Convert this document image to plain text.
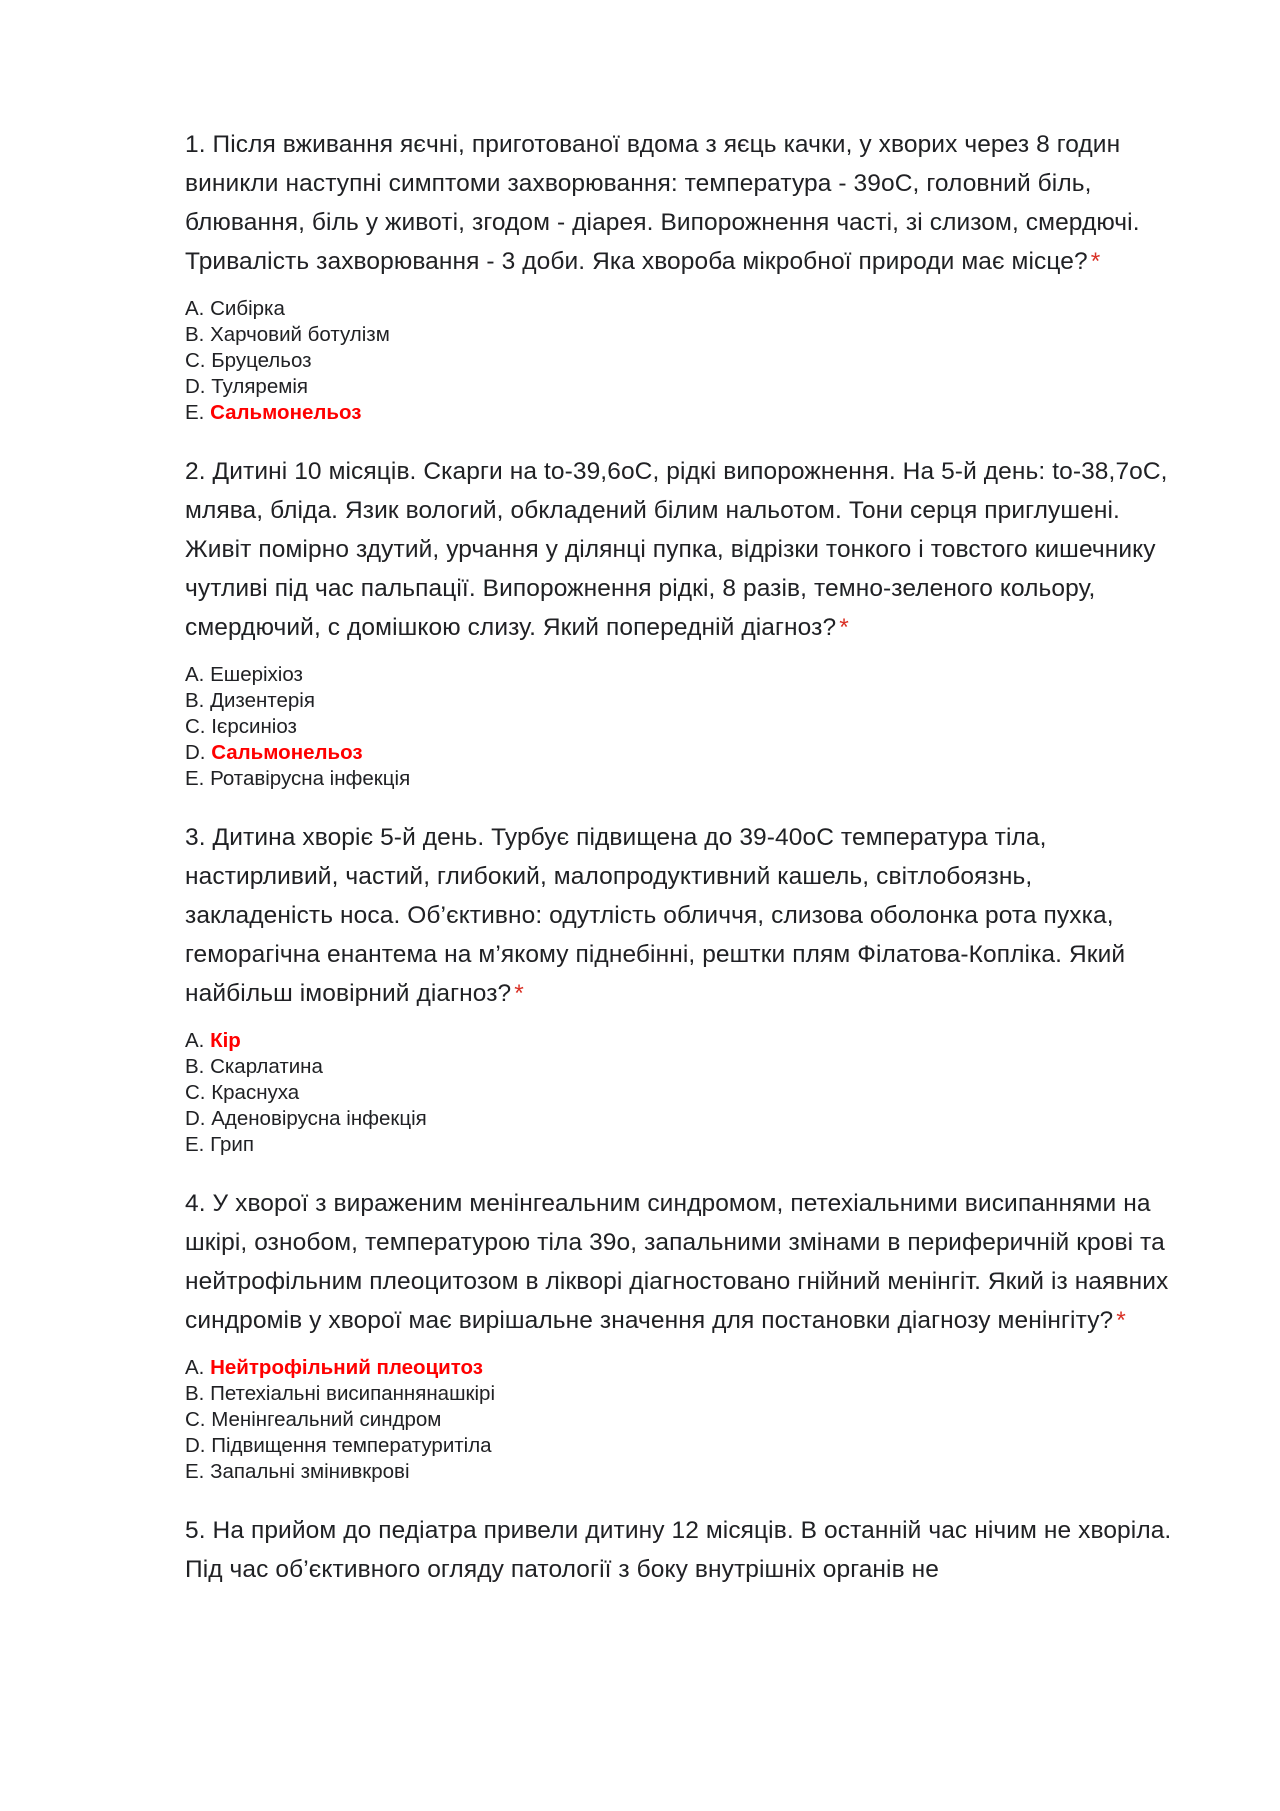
1. Після вживання яєчні, приготованої вдома з яєць качки, у хворих через 8 годин виникли наступні симптоми захворювання: температура - 39оС, головний біль, блювання, біль у животі, згодом - діарея. Випорожнення часті, зі слизом, смердючі. Тривалість захворювання - 3 доби. Яка хвороба мікробної природи має місце? *

A. Сибірка
B. Харчовий ботулізм
C. Бруцельоз
D. Туляремія
E. Сальмонельоз

2. Дитині 10 місяців. Скарги на to-39,6оС, рідкі випорожнення. На 5-й день: to-38,7оС, млява, бліда. Язик вологий, обкладений білим нальотом. Тони серця приглушені. Живіт помірно здутий, урчання у ділянці пупка, відрізки тонкого і товстого кишечнику чутливі під час пальпації. Випорожнення рідкі, 8 разів, темно-зеленого кольору, смердючий, с домішкою слизу. Який попередній діагноз? *

A. Ешеріхіоз
B. Дизентерія
C. Ієрсиніоз
D. Сальмонельоз
E. Ротавірусна інфекція

3. Дитина хворіє 5-й день. Турбує підвищена до 39-40оС температура тіла, настирливий, частий, глибокий, малопродуктивний кашель, світлобоязнь, закладеність носа. Об’єктивно: одутлість обличчя, слизова оболонка рота пухка, геморагічна енантема на м’якому піднебінні, рештки плям Філатова-Копліка. Який найбільш імовірний діагноз? *

A. Кір
B. Скарлатина
C. Краснуха
D. Аденовірусна інфекція
E. Грип

4. У хворої з вираженим менінгеальним синдромом, петехіальними висипаннями на шкірі, ознобом, температурою тіла 39о, запальними змінами в периферичній крові та нейтрофільним плеоцитозом в ліквoрі діагностовано гнійний менінгіт. Який із наявних синдромів у хворої має вирішальне значення для постановки діагнозу менінгіту? *

A. Нейтрофільний плеоцитоз
B. Петехіальні висипаннянашкірі
C. Менінгеальний синдром
D. Підвищення температуритіла
E. Запальні змінивкрові

5. На прийом до педіатра привели дитину 12 місяців. В останній час нічим не хворіла. Під час об’єктивного огляду патології з боку внутрішніх органів не
